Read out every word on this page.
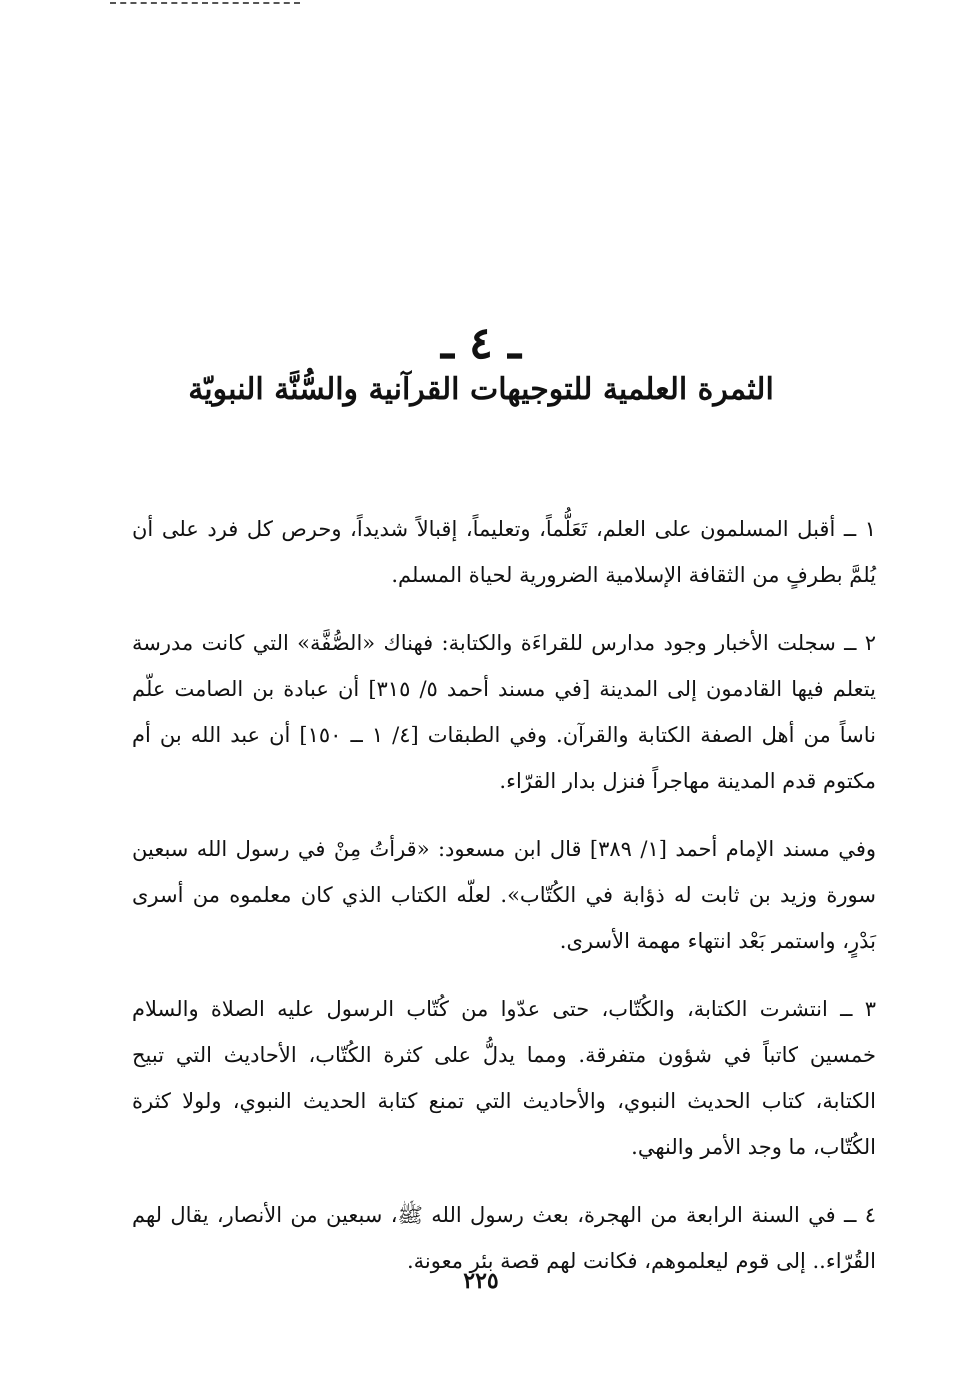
ـ ٤ ـ
الثمرة العلمية للتوجيهات القرآنية والسُّنَّة النبويّة

١ ــ أقبل المسلمون على العلم، تَعَلُّماً، وتعليماً، إقبالاً شديداً، وحرص كل فرد على أن يُلمَّ بطرفٍ من الثقافة الإسلامية الضرورية لحياة المسلم.

٢ ــ سجلت الأخبار وجود مدارس للقراءَة والكتابة: فهناك «الصُّفَّة» التي كانت مدرسة يتعلم فيها القادمون إلى المدينة [في مسند أحمد ٥/ ٣١٥] أن عبادة بن الصامت علّم ناساً من أهل الصفة الكتابة والقرآن. وفي الطبقات [٤/ ١ ــ ١٥٠] أن عبد الله بن أم مكتوم قدم المدينة مهاجراً فنزل بدار القرّاء.

وفي مسند الإمام أحمد [١/ ٣٨٩] قال ابن مسعود: «قرأتُ مِنْ في رسول الله سبعين سورة وزيد بن ثابت له ذؤابة في الكُتّاب». لعلّه الكتاب الذي كان معلموه من أسرى بَدْرٍ، واستمر بَعْد انتهاء مهمة الأسرى.

٣ ــ انتشرت الكتابة، والكُتّاب، حتى عدّوا من كُتّاب الرسول عليه الصلاة والسلام خمسين كاتباً في شؤون متفرقة. ومما يدلُّ على كثرة الكُتّاب، الأحاديث التي تبيح الكتابة، كتاب الحديث النبوي، والأحاديث التي تمنع كتابة الحديث النبوي، ولولا كثرة الكُتّاب، ما وجد الأمر والنهي.

٤ ــ في السنة الرابعة من الهجرة، بعث رسول الله ﷺ، سبعين من الأنصار، يقال لهم القُرّاء.. إلى قوم ليعلموهم، فكانت لهم قصة بئر معونة.

٢٢٥
